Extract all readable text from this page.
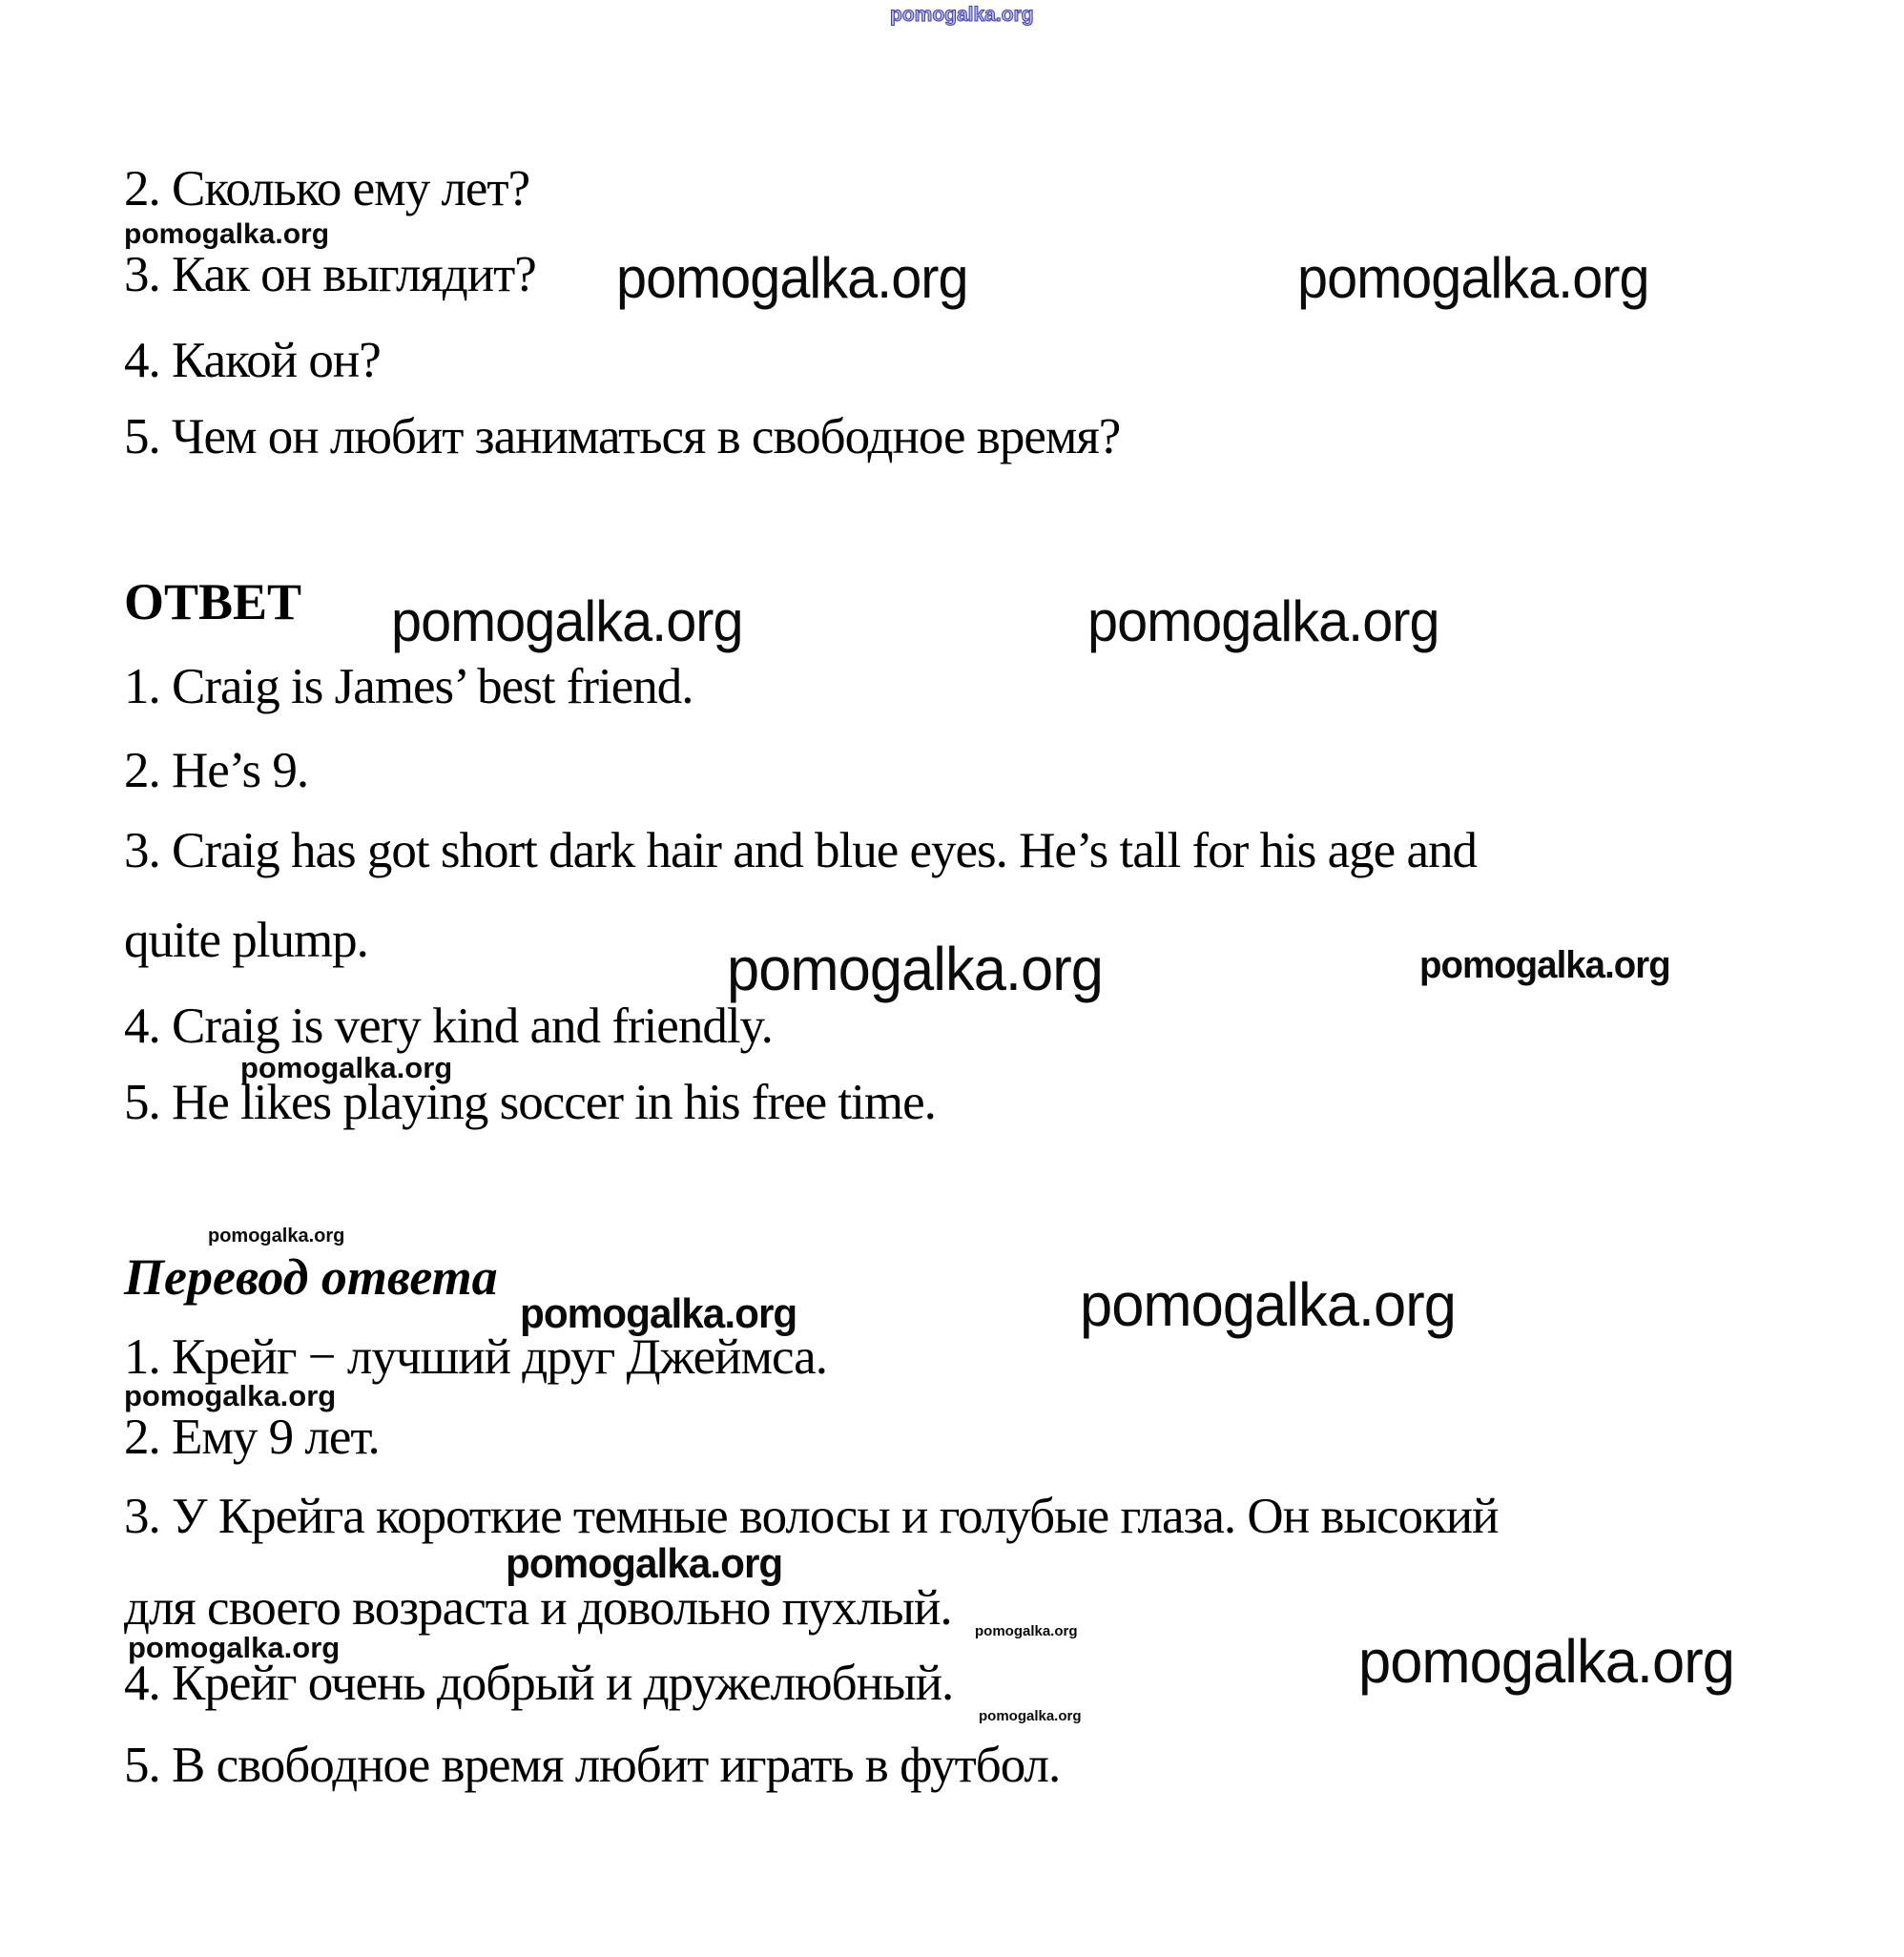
pomogalka.org

2. Сколько ему лет?

pomogalka.org

3. Как он выглядит? pomogalka.org	pomogalka.org

4. Какой он?

5. Чем он любит заниматься в свободное время?

ОТВЕТ pomogalka.org	pomogalka.org

1. Craig is James’ best friend.

2. He’s 9.

3. Craig has got short dark hair and blue eyes. He’s tall for his age and

quite plump.	pomogalka.org	pomogalka.org

4. Craig is very kind and friendly.

pomogalka.org

5. He likes playing soccer in his free time.

pomogalka.org
Перевод ответа
pomogalka.org	pomogalka.org

1. Крейг − лучший друг Джеймса.

pomogalka.org

2. Ему 9 лет.

3. У Крейга короткие темные волосы и голубые глаза. Он высокий

pomogalka.org

для своего возраста и довольно пухлый. pomogalka.org
pomogalka.org	pomogalka.org

4. Крейг очень добрый и дружелюбный.

pomogalka.org

5. В свободное время любит играть в футбол.
